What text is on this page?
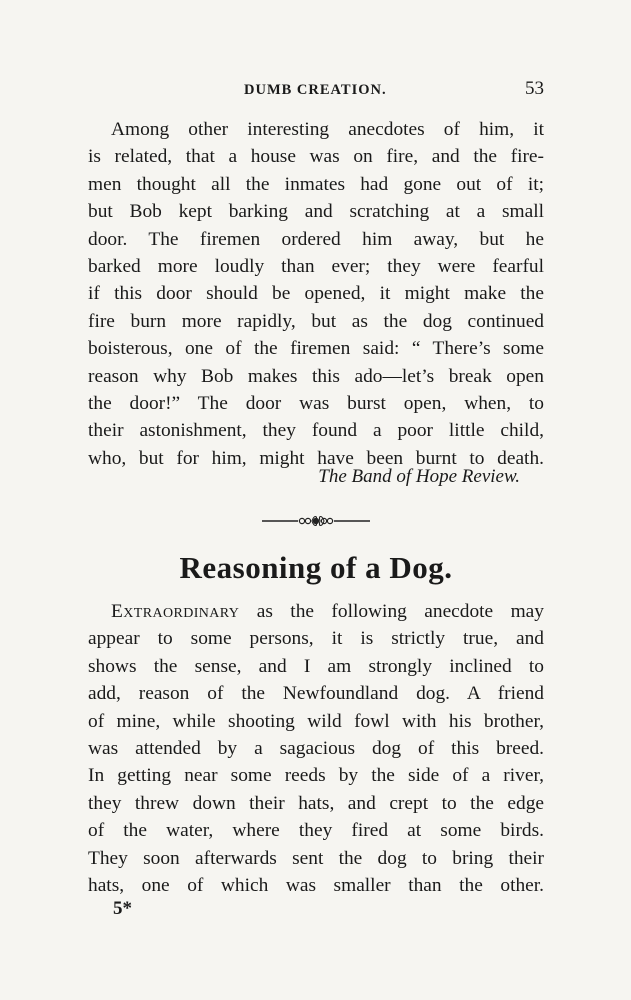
DUMB CREATION.	53
Among other interesting anecdotes of him, it
is related, that a house was on fire, and the fire-
men thought all the inmates had gone out of it;
but Bob kept barking and scratching at a small
door. The firemen ordered him away, but he
barked more loudly than ever; they were fearful
if this door should be opened, it might make the
fire burn more rapidly, but as the dog continued
boisterous, one of the firemen said: “ There’s some
reason why Bob makes this ado—let’s break open
the door!” The door was burst open, when, to
their astonishment, they found a poor little child,
who, but for him, might have been burnt to death.
The Band of Hope Review.
Reasoning of a Dog.
Extraordinary as the following anecdote may
appear to some persons, it is strictly true, and
shows the sense, and I am strongly inclined to
add, reason of the Newfoundland dog. A friend
of mine, while shooting wild fowl with his brother,
was attended by a sagacious dog of this breed.
In getting near some reeds by the side of a river,
they threw down their hats, and crept to the edge
of the water, where they fired at some birds.
They soon afterwards sent the dog to bring their
hats, one of which was smaller than the other.
5*
